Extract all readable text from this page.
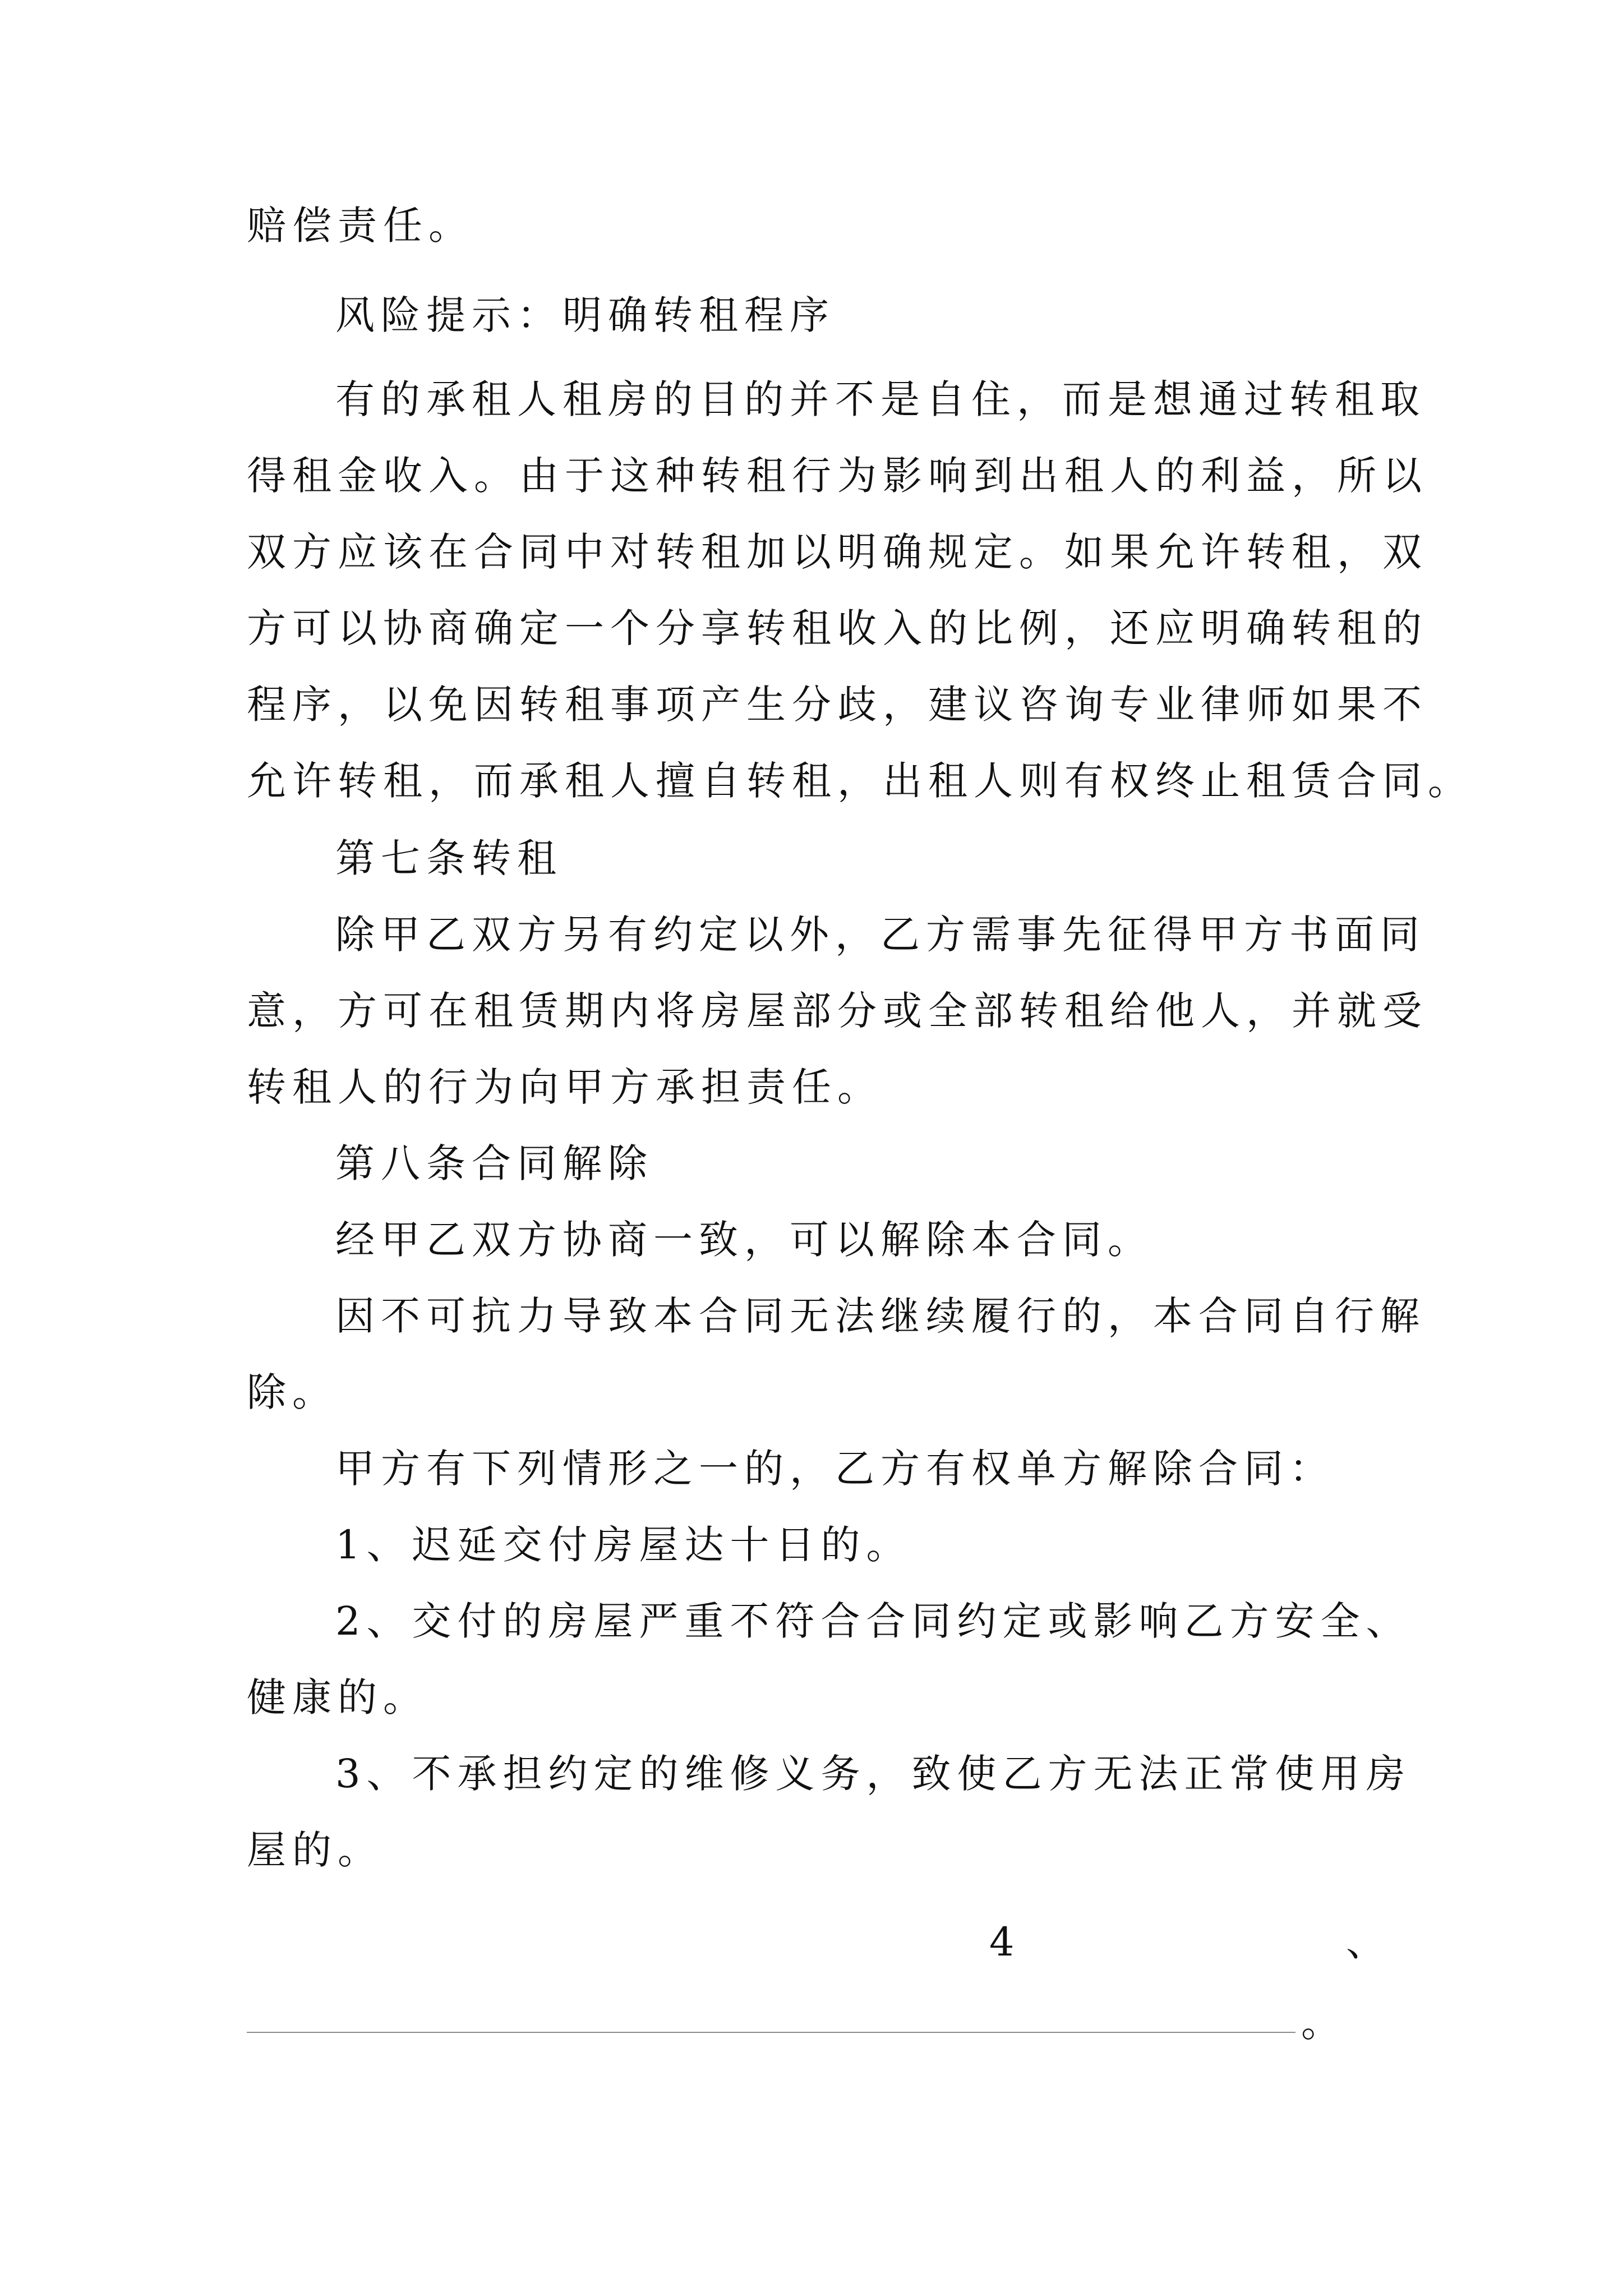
赔偿责任。
风险提示：明确转租程序
有的承租人租房的目的并不是自住，而是想通过转租取
得租金收入。由于这种转租行为影响到出租人的利益，所以
双方应该在合同中对转租加以明确规定。如果允许转租，双
方可以协商确定一个分享转租收入的比例，还应明确转租的
程序，以免因转租事项产生分歧，建议咨询专业律师如果不
允许转租，而承租人擅自转租，出租人则有权终止租赁合同。
第七条转租
除甲乙双方另有约定以外，乙方需事先征得甲方书面同
意，方可在租赁期内将房屋部分或全部转租给他人，并就受
转租人的行为向甲方承担责任。
第八条合同解除
经甲乙双方协商一致，可以解除本合同。
因不可抗力导致本合同无法继续履行的，本合同自行解
除。
甲方有下列情形之一的，乙方有权单方解除合同：
1、迟延交付房屋达十日的。
2、交付的房屋严重不符合合同约定或影响乙方安全、
健康的。
3、不承担约定的维修义务，致使乙方无法正常使用房
屋的。
4	、
。
